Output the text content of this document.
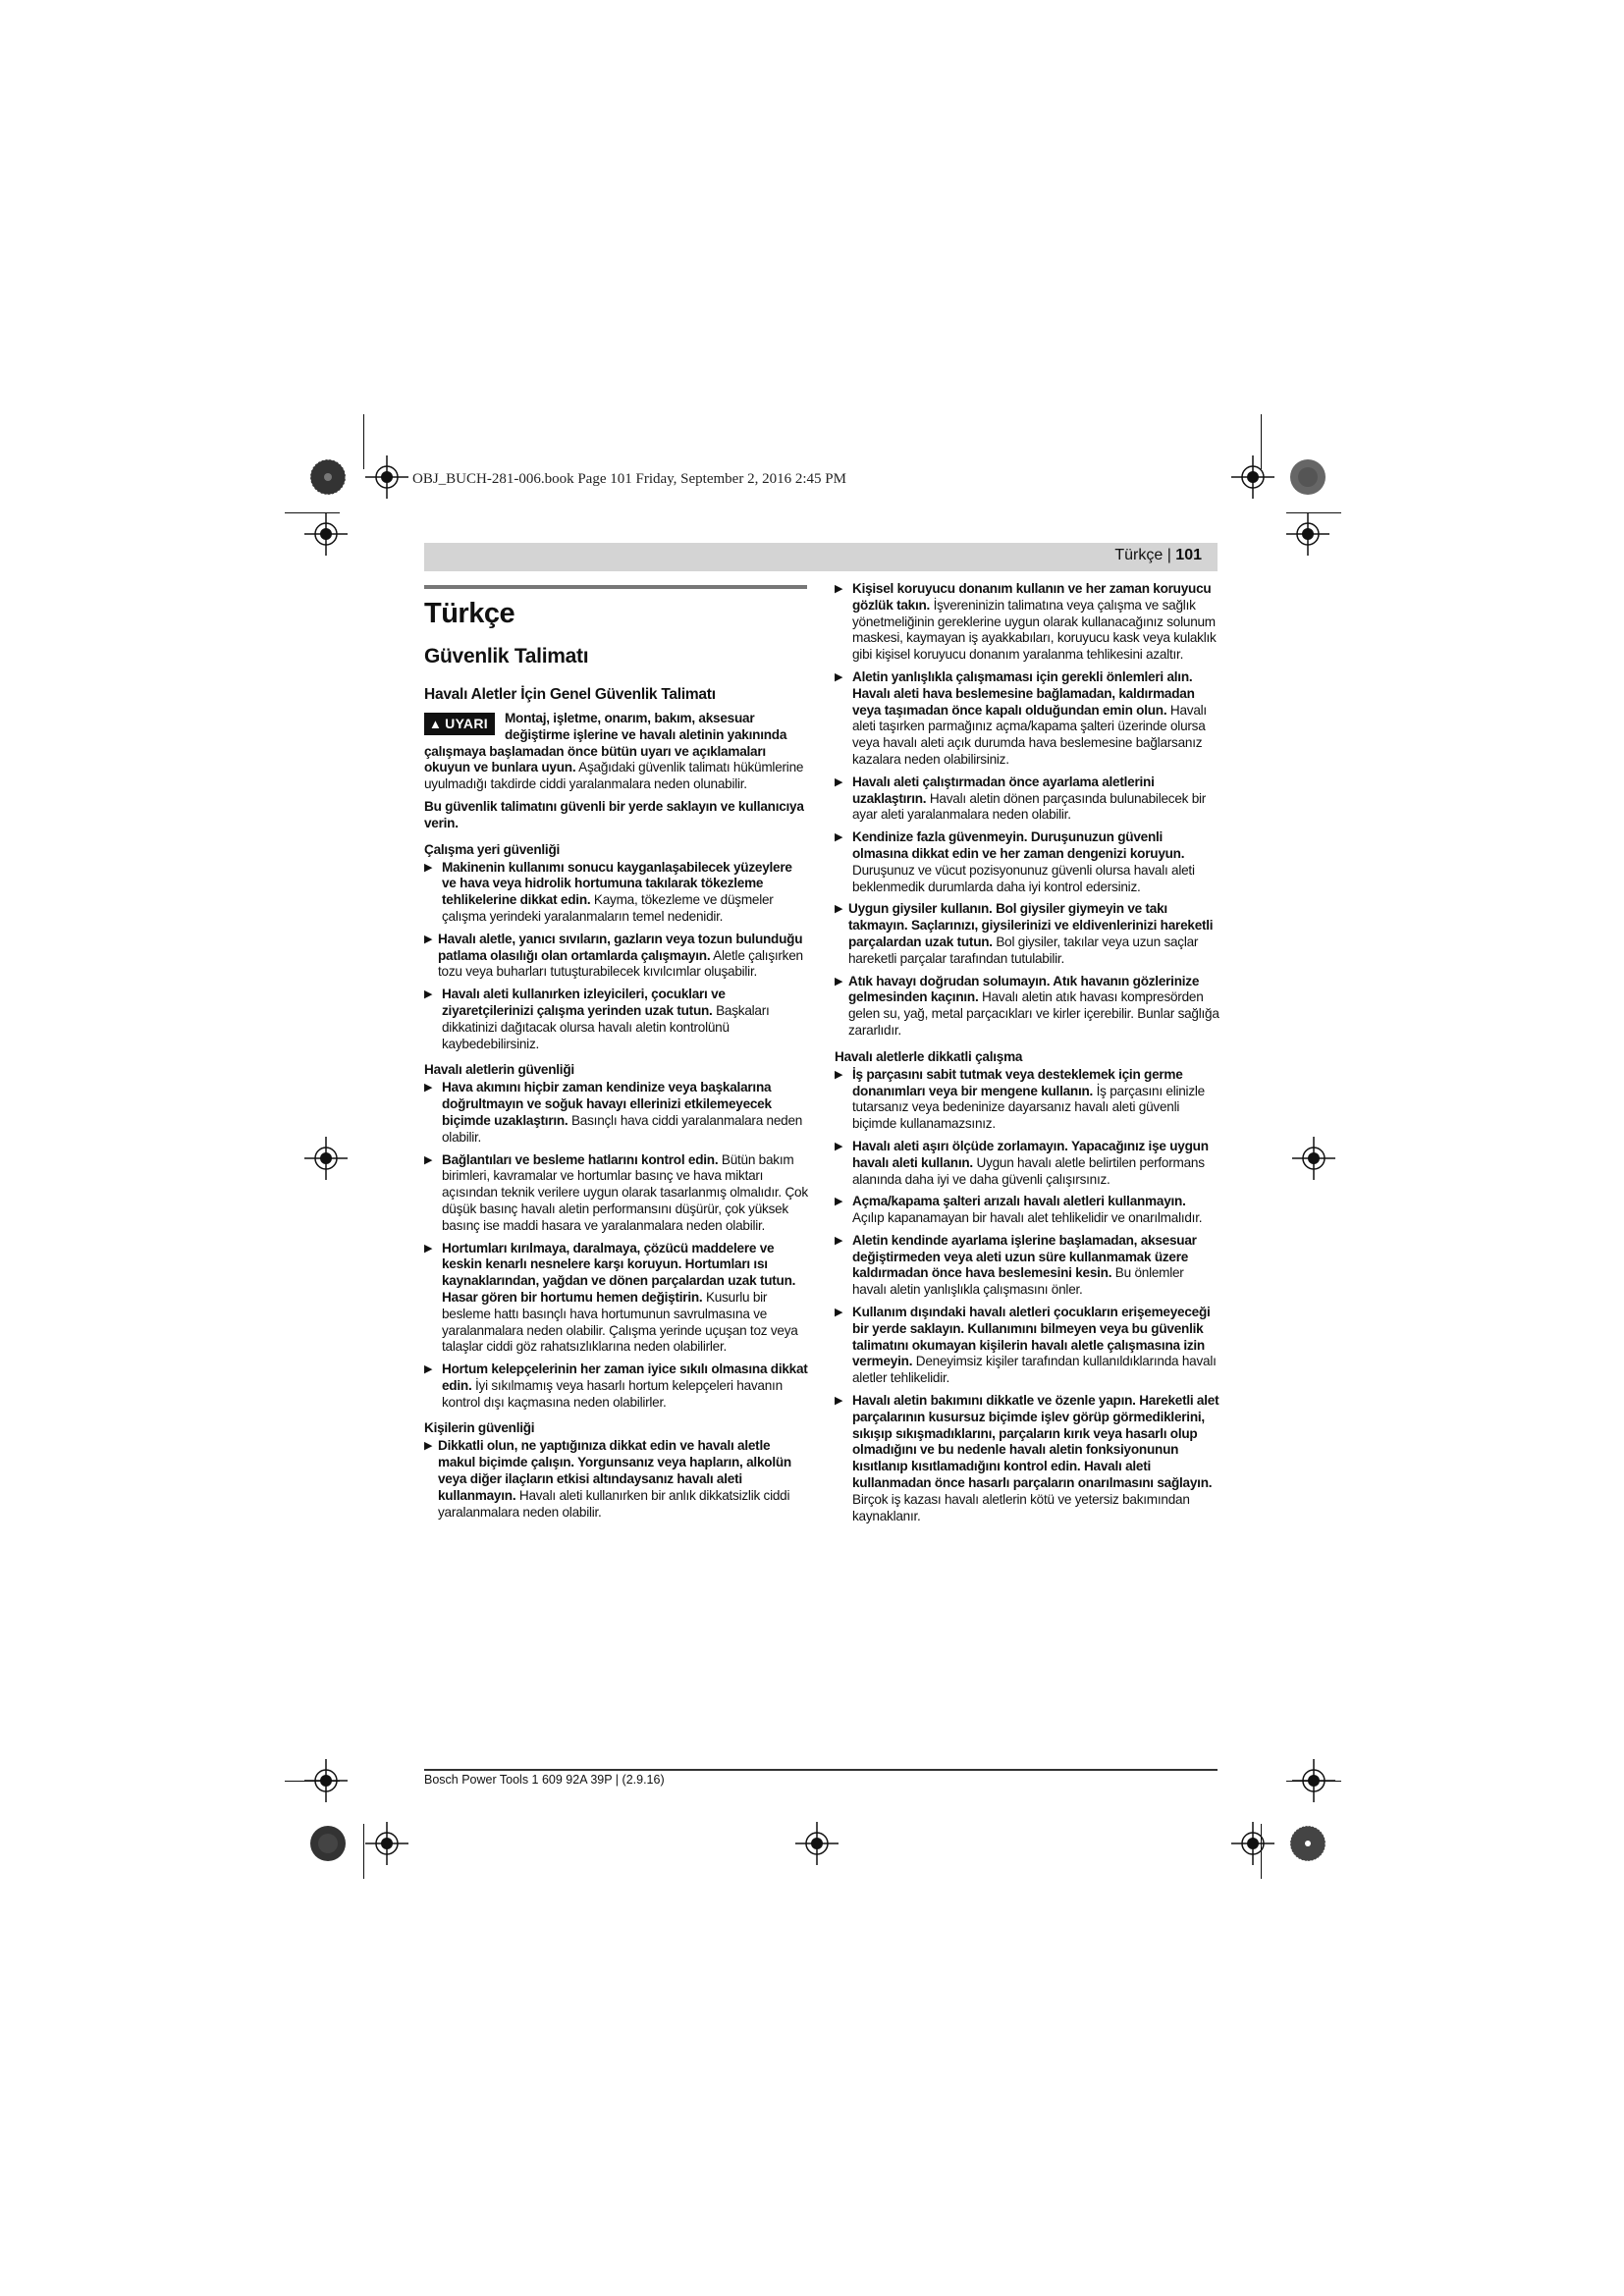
OBJ_BUCH-281-006.book Page 101 Friday, September 2, 2016 2:45 PM
Türkçe | 101
Türkçe
Güvenlik Talimatı
Havalı Aletler İçin Genel Güvenlik Talimatı
▲ UYARI	Montaj, işletme, onarım, bakım, aksesuar değiştirme işlerine ve havalı aletinin yakınında çalışmaya başlamadan önce bütün uyarı ve açıklamaları okuyun ve bunlara uyun. Aşağıdaki güvenlik talimatı hükümlerine uyulmadığı takdirde ciddi yaralanmalara neden olunabilir.

Bu güvenlik talimatını güvenli bir yerde saklayın ve kullanıcıya verin.

Çalışma yeri güvenliği
▶ Makinenin kullanımı sonucu kayganlaşabilecek yüzeylere ve hava veya hidrolik hortumuna takılarak tökezleme tehlikelerine dikkat edin. Kayma, tökezleme ve düşmeler çalışma yerindeki yaralanmaların temel nedenidir.
▶ Havalı aletle, yanıcı sıvıların, gazların veya tozun bulunduğu patlama olasılığı olan ortamlarda çalışmayın. Aletle çalışırken tozu veya buharları tutuşturabilecek kıvılcımlar oluşabilir.
▶ Havalı aleti kullanırken izleyicileri, çocukları ve ziyaretçilerinizi çalışma yerinden uzak tutun. Başkaları dikkatinizi dağıtacak olursa havalı aletin kontrolünü kaybedebilirsiniz.
Havalı aletlerin güvenliği
▶ Hava akımını hiçbir zaman kendinize veya başkalarına doğrultmayın ve soğuk havayı ellerinizi etkilemeyecek biçimde uzaklaştırın. Basınçlı hava ciddi yaralanmalara neden olabilir.
▶ Bağlantıları ve besleme hatlarını kontrol edin. Bütün bakım birimleri, kavramalar ve hortumlar basınç ve hava miktarı açısından teknik verilere uygun olarak tasarlanmış olmalıdır. Çok düşük basınç havalı aletin performansını düşürür, çok yüksek basınç ise maddi hasara ve yaralanmalara neden olabilir.
▶ Hortumları kırılmaya, daralmaya, çözücü maddelere ve keskin kenarlı nesnelere karşı koruyun. Hortumları ısı kaynaklarından, yağdan ve dönen parçalardan uzak tutun. Hasar gören bir hortumu hemen değiştirin. Kusurlu bir besleme hattı basınçlı hava hortumunun savrulmasına ve yaralanmalara neden olabilir. Çalışma yerinde uçuşan toz veya talaşlar ciddi göz rahatsızlıklarına neden olabilirler.
▶ Hortum kelepçelerinin her zaman iyice sıkılı olmasına dikkat edin. İyi sıkılmamış veya hasarlı hortum kelepçeleri havanın kontrol dışı kaçmasına neden olabilirler.
Kişilerin güvenliği
▶ Dikkatli olun, ne yaptığınıza dikkat edin ve havalı aletle makul biçimde çalışın. Yorgunsanız veya hapların, alkolün veya diğer ilaçların etkisi altındaysanız havalı aleti kullanmayın. Havalı aleti kullanırken bir anlık dikkatsizlik ciddi yaralanmalara neden olabilir.
▶ Kişisel koruyucu donanım kullanın ve her zaman koruyucu gözlük takın. İşvereninizin talimatına veya çalışma ve sağlık yönetmeliğinin gereklerine uygun olarak kullanacağınız solunum maskesi, kaymayan iş ayakkabıları, koruyucu kask veya kulaklık gibi kişisel koruyucu donanım yaralanma tehlikesini azaltır.
▶ Aletin yanlışlıkla çalışmaması için gerekli önlemleri alın. Havalı aleti hava beslemesine bağlamadan, kaldırmadan veya taşımadan önce kapalı olduğundan emin olun. Havalı aleti taşırken parmağınız açma/kapama şalteri üzerinde olursa veya havalı aleti açık durumda hava beslemesine bağlarsanız kazalara neden olabilirsiniz.
▶ Havalı aleti çalıştırmadan önce ayarlama aletlerini uzaklaştırın. Havalı aletin dönen parçasında bulunabilecek bir ayar aleti yaralanmalara neden olabilir.
▶ Kendinize fazla güvenmeyin. Duruşunuzun güvenli olmasına dikkat edin ve her zaman dengenizi koruyun. Duruşunuz ve vücut pozisyonunuz güvenli olursa havalı aleti beklenmedik durumlarda daha iyi kontrol edersiniz.
▶ Uygun giysiler kullanın. Bol giysiler giymeyin ve takı takmayın. Saçlarınızı, giysilerinizi ve eldivenlerinizi hareketli parçalardan uzak tutun. Bol giysiler, takılar veya uzun saçlar hareketli parçalar tarafından tutulabilir.
▶ Atık havayı doğrudan solumayın. Atık havanın gözlerinize gelmesinden kaçının. Havalı aletin atık havası kompresörden gelen su, yağ, metal parçacıkları ve kirler içerebilir. Bunlar sağlığa zararlıdır.
Havalı aletlerle dikkatli çalışma
▶ İş parçasını sabit tutmak veya desteklemek için germe donanımları veya bir mengene kullanın. İş parçasını elinizle tutarsanız veya bedeninize dayarsanız havalı aleti güvenli biçimde kullanamazsınız.
▶ Havalı aleti aşırı ölçüde zorlamayın. Yapacağınız işe uygun havalı aleti kullanın. Uygun havalı aletle belirtilen performans alanında daha iyi ve daha güvenli çalışırsınız.
▶ Açma/kapama şalteri arızalı havalı aletleri kullanmayın. Açılıp kapanamayan bir havalı alet tehlikelidir ve onarılmalıdır.
▶ Aletin kendinde ayarlama işlerine başlamadan, aksesuar değiştirmeden veya aleti uzun süre kullanmamak üzere kaldırmadan önce hava beslemesini kesin. Bu önlemler havalı aletin yanlışlıkla çalışmasını önler.
▶ Kullanım dışındaki havalı aletleri çocukların erişemeyeceği bir yerde saklayın. Kullanımını bilmeyen veya bu güvenlik talimatını okumayan kişilerin havalı aletle çalışmasına izin vermeyin. Deneyimsiz kişiler tarafından kullanıldıklarında havalı aletler tehlikelidir.
▶ Havalı aletin bakımını dikkatle ve özenle yapın. Hareketli alet parçalarının kusursuz biçimde işlev görüp görmediklerini, sıkışıp sıkışmadıklarını, parçaların kırık veya hasarlı olup olmadığını ve bu nedenle havalı aletin fonksiyonunun kısıtlanıp kısıtlamadığını kontrol edin. Havalı aleti kullanmadan önce hasarlı parçaların onarılmasını sağlayın. Birçok iş kazası havalı aletlerin kötü ve yetersiz bakımından kaynaklanır.
Bosch Power Tools 1 609 92A 39P | (2.9.16)
